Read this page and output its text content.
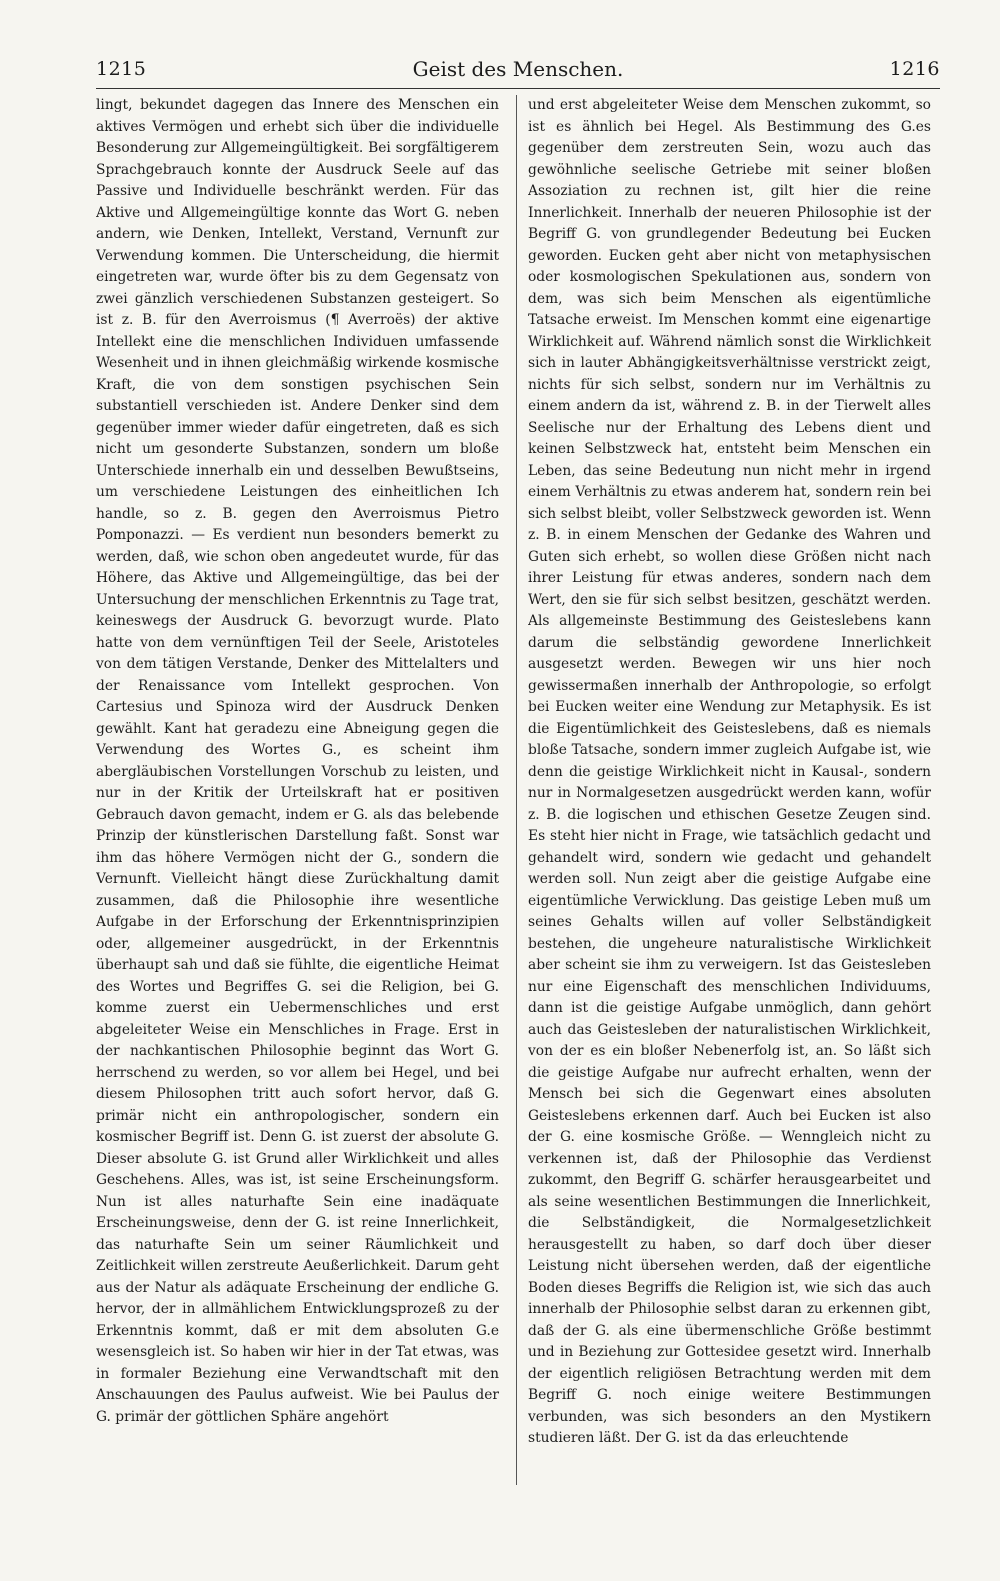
1215	Geist des Menschen.	1216

lingt, bekundet dagegen das Innere des Menschen ein aktives Vermögen und erhebt sich über die individuelle Besonderung zur Allgemeingültigkeit. Bei sorgfältigerem Sprachgebrauch konnte der Ausdruck Seele auf das Passive und Individuelle beschränkt werden. Für das Aktive und Allgemeingültige konnte das Wort G. neben andern, wie Denken, Intellekt, Verstand, Vernunft zur Verwendung kommen. Die Unterscheidung, die hiermit eingetreten war, wurde öfter bis zu dem Gegensatz von zwei gänzlich verschiedenen Substanzen gesteigert. So ist z. B. für den Averroismus (¶ Averroës) der aktive Intellekt eine die menschlichen Individuen umfassende Wesenheit und in ihnen gleichmäßig wirkende kosmische Kraft, die von dem sonstigen psychischen Sein substantiell verschieden ist. Andere Denker sind dem gegenüber immer wieder dafür eingetreten, daß es sich nicht um gesonderte Substanzen, sondern um bloße Unterschiede innerhalb ein und desselben Bewußtseins, um verschiedene Leistungen des einheitlichen Ich handle, so z. B. gegen den Averroismus Pietro Pomponazzi. — Es verdient nun besonders bemerkt zu werden, daß, wie schon oben angedeutet wurde, für das Höhere, das Aktive und Allgemeingültige, das bei der Untersuchung der menschlichen Erkenntnis zu Tage trat, keineswegs der Ausdruck G. bevorzugt wurde. Plato hatte von dem vernünftigen Teil der Seele, Aristoteles von dem tätigen Verstande, Denker des Mittelalters und der Renaissance vom Intellekt gesprochen. Von Cartesius und Spinoza wird der Ausdruck Denken gewählt. Kant hat geradezu eine Abneigung gegen die Verwendung des Wortes G., es scheint ihm abergläubischen Vorstellungen Vorschub zu leisten, und nur in der Kritik der Urteilskraft hat er positiven Gebrauch davon gemacht, indem er G. als das belebende Prinzip der künstlerischen Darstellung faßt. Sonst war ihm das höhere Vermögen nicht der G., sondern die Vernunft. Vielleicht hängt diese Zurückhaltung damit zusammen, daß die Philosophie ihre wesentliche Aufgabe in der Erforschung der Erkenntnisprinzipien oder, allgemeiner ausgedrückt, in der Erkenntnis überhaupt sah und daß sie fühlte, die eigentliche Heimat des Wortes und Begriffes G. sei die Religion, bei G. komme zuerst ein Uebermenschliches und erst abgeleiteter Weise ein Menschliches in Frage. Erst in der nachkantischen Philosophie beginnt das Wort G. herrschend zu werden, so vor allem bei Hegel, und bei diesem Philosophen tritt auch sofort hervor, daß G. primär nicht ein anthropologischer, sondern ein kosmischer Begriff ist. Denn G. ist zuerst der absolute G. Dieser absolute G. ist Grund aller Wirklichkeit und alles Geschehens. Alles, was ist, ist seine Erscheinungsform. Nun ist alles naturhafte Sein eine inadäquate Erscheinungsweise, denn der G. ist reine Innerlichkeit, das naturhafte Sein um seiner Räumlichkeit und Zeitlichkeit willen zerstreute Aeußerlichkeit. Darum geht aus der Natur als adäquate Erscheinung der endliche G. hervor, der in allmählichem Entwicklungsprozeß zu der Erkenntnis kommt, daß er mit dem absoluten G.e wesensgleich ist. So haben wir hier in der Tat etwas, was in formaler Beziehung eine Verwandtschaft mit den Anschauungen des Paulus aufweist. Wie bei Paulus der G. primär der göttlichen Sphäre angehört

und erst abgeleiteter Weise dem Menschen zukommt, so ist es ähnlich bei Hegel. Als Bestimmung des G.es gegenüber dem zerstreuten Sein, wozu auch das gewöhnliche seelische Getriebe mit seiner bloßen Assoziation zu rechnen ist, gilt hier die reine Innerlichkeit. Innerhalb der neueren Philosophie ist der Begriff G. von grundlegender Bedeutung bei Eucken geworden. Eucken geht aber nicht von metaphysischen oder kosmologischen Spekulationen aus, sondern von dem, was sich beim Menschen als eigentümliche Tatsache erweist. Im Menschen kommt eine eigenartige Wirklichkeit auf. Während nämlich sonst die Wirklichkeit sich in lauter Abhängigkeitsverhältnisse verstrickt zeigt, nichts für sich selbst, sondern nur im Verhältnis zu einem andern da ist, während z. B. in der Tierwelt alles Seelische nur der Erhaltung des Lebens dient und keinen Selbstzweck hat, entsteht beim Menschen ein Leben, das seine Bedeutung nun nicht mehr in irgend einem Verhältnis zu etwas anderem hat, sondern rein bei sich selbst bleibt, voller Selbstzweck geworden ist. Wenn z. B. in einem Menschen der Gedanke des Wahren und Guten sich erhebt, so wollen diese Größen nicht nach ihrer Leistung für etwas anderes, sondern nach dem Wert, den sie für sich selbst besitzen, geschätzt werden. Als allgemeinste Bestimmung des Geisteslebens kann darum die selbständig gewordene Innerlichkeit ausgesetzt werden. Bewegen wir uns hier noch gewissermaßen innerhalb der Anthropologie, so erfolgt bei Eucken weiter eine Wendung zur Metaphysik. Es ist die Eigentümlichkeit des Geisteslebens, daß es niemals bloße Tatsache, sondern immer zugleich Aufgabe ist, wie denn die geistige Wirklichkeit nicht in Kausal-, sondern nur in Normalgesetzen ausgedrückt werden kann, wofür z. B. die logischen und ethischen Gesetze Zeugen sind. Es steht hier nicht in Frage, wie tatsächlich gedacht und gehandelt wird, sondern wie gedacht und gehandelt werden soll. Nun zeigt aber die geistige Aufgabe eine eigentümliche Verwicklung. Das geistige Leben muß um seines Gehalts willen auf voller Selbständigkeit bestehen, die ungeheure naturalistische Wirklichkeit aber scheint sie ihm zu verweigern. Ist das Geistesleben nur eine Eigenschaft des menschlichen Individuums, dann ist die geistige Aufgabe unmöglich, dann gehört auch das Geistesleben der naturalistischen Wirklichkeit, von der es ein bloßer Nebenerfolg ist, an. So läßt sich die geistige Aufgabe nur aufrecht erhalten, wenn der Mensch bei sich die Gegenwart eines absoluten Geisteslebens erkennen darf. Auch bei Eucken ist also der G. eine kosmische Größe. — Wenngleich nicht zu verkennen ist, daß der Philosophie das Verdienst zukommt, den Begriff G. schärfer herausgearbeitet und als seine wesentlichen Bestimmungen die Innerlichkeit, die Selbständigkeit, die Normalgesetzlichkeit herausgestellt zu haben, so darf doch über dieser Leistung nicht übersehen werden, daß der eigentliche Boden dieses Begriffs die Religion ist, wie sich das auch innerhalb der Philosophie selbst daran zu erkennen gibt, daß der G. als eine übermenschliche Größe bestimmt und in Beziehung zur Gottesidee gesetzt wird. Innerhalb der eigentlich religiösen Betrachtung werden mit dem Begriff G. noch einige weitere Bestimmungen verbunden, was sich besonders an den Mystikern studieren läßt. Der G. ist da das erleuchtende
